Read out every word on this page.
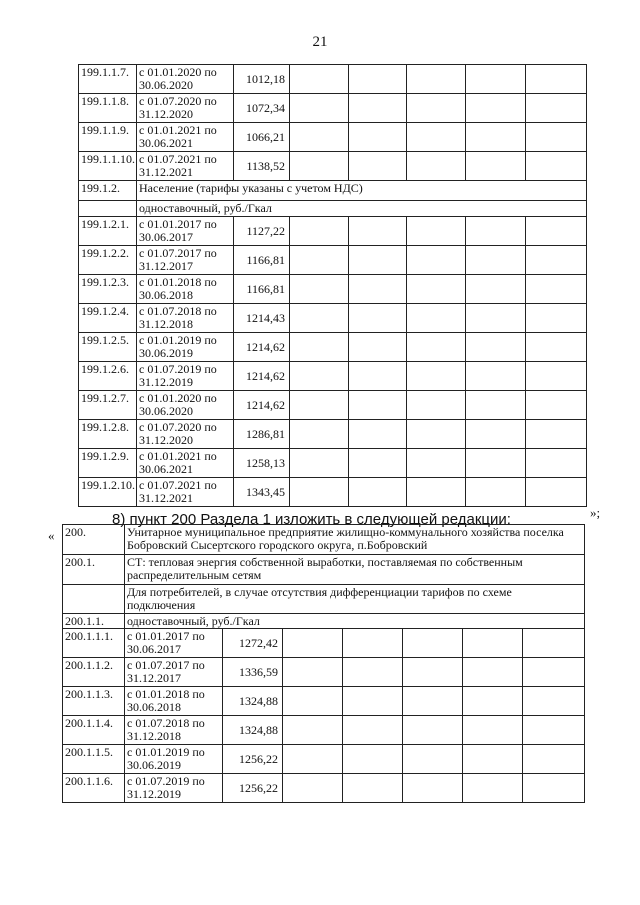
21
199.1.1.7.	с 01.01.2020 по 30.06.2020	1012,18					
199.1.1.8.	с 01.07.2020 по 31.12.2020	1072,34					
199.1.1.9.	с 01.01.2021 по 30.06.2021	1066,21					
199.1.1.10.	с 01.07.2021 по 31.12.2021	1138,52					
199.1.2.	Население (тарифы указаны с учетом НДС)						
	одноставочный, руб./Гкал						
199.1.2.1.	с 01.01.2017 по 30.06.2017	1127,22					
199.1.2.2.	с 01.07.2017 по 31.12.2017	1166,81					
199.1.2.3.	с 01.01.2018 по 30.06.2018	1166,81					
199.1.2.4.	с 01.07.2018 по 31.12.2018	1214,43					
199.1.2.5.	с 01.01.2019 по 30.06.2019	1214,62					
199.1.2.6.	с 01.07.2019 по 31.12.2019	1214,62					
199.1.2.7.	с 01.01.2020 по 30.06.2020	1214,62					
199.1.2.8.	с 01.07.2020 по 31.12.2020	1286,81					
199.1.2.9.	с 01.01.2021 по 30.06.2021	1258,13					
199.1.2.10.	с 01.07.2021 по 31.12.2021	1343,45					
»;
8) пункт 200 Раздела 1 изложить в следующей редакции:
« 200.	Унитарное муниципальное предприятие жилищно-коммунального хозяйства поселка Бобровский Сысертского городского округа, п.Бобровский						
200.1.	СТ: тепловая энергия собственной выработки, поставляемая по собственным распределительным сетям						
	Для потребителей, в случае отсутствия дифференциации тарифов по схеме подключения						
200.1.1.	одноставочный, руб./Гкал						
200.1.1.1.	с 01.01.2017 по 30.06.2017	1272,42					
200.1.1.2.	с 01.07.2017 по 31.12.2017	1336,59					
200.1.1.3.	с 01.01.2018 по 30.06.2018	1324,88					
200.1.1.4.	с 01.07.2018 по 31.12.2018	1324,88					
200.1.1.5.	с 01.01.2019 по 30.06.2019	1256,22					
200.1.1.6.	с 01.07.2019 по 31.12.2019	1256,22					
